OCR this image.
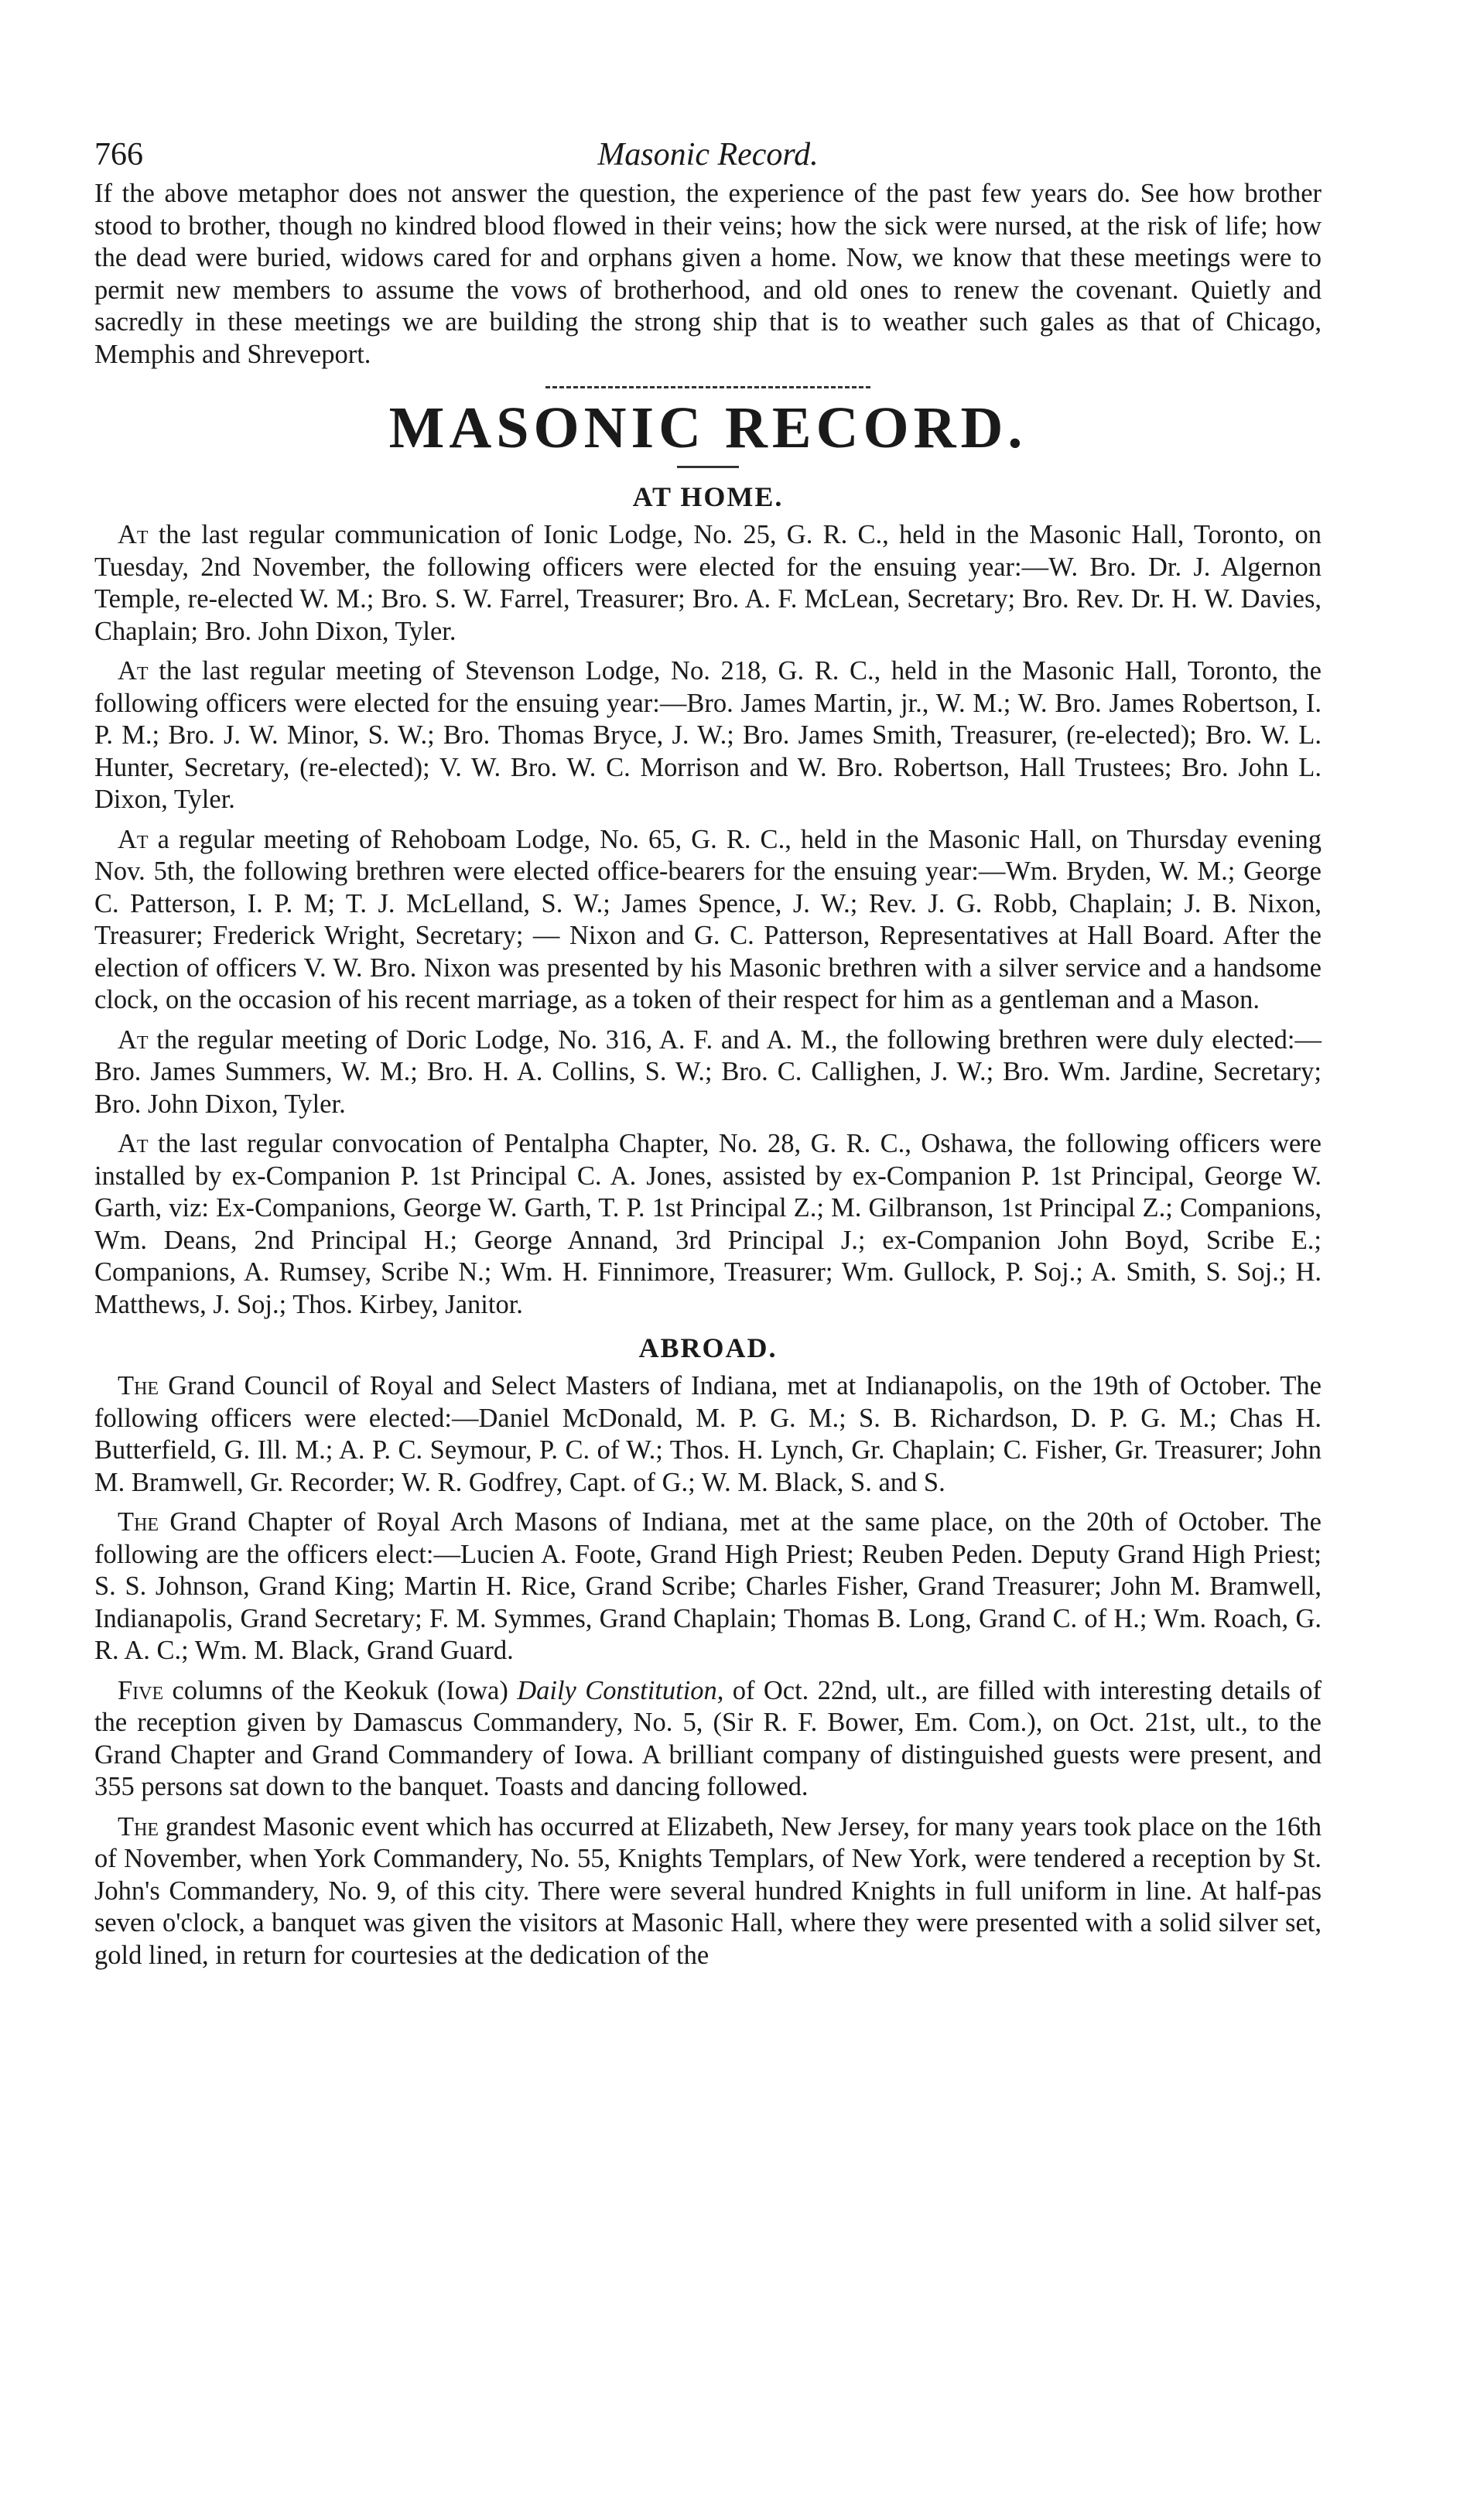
766	Masonic Record.

If the above metaphor does not answer the question, the experience of the past few years do. See how brother stood to brother, though no kindred blood flowed in their veins; how the sick were nursed, at the risk of life; how the dead were buried, widows cared for and orphans given a home. Now, we know that these meetings were to permit new members to assume the vows of brotherhood, and old ones to renew the covenant. Quietly and sacredly in these meetings we are building the strong ship that is to weather such gales as that of Chicago, Memphis and Shreveport.

MASONIC RECORD.
AT HOME.

At the last regular communication of Ionic Lodge, No. 25, G. R. C., held in the Masonic Hall, Toronto, on Tuesday, 2nd November, the following officers were elected for the ensuing year:—W. Bro. Dr. J. Algernon Temple, re-elected W. M.; Bro. S. W. Farrel, Treasurer; Bro. A. F. McLean, Secretary; Bro. Rev. Dr. H. W. Davies, Chaplain; Bro. John Dixon, Tyler.

At the last regular meeting of Stevenson Lodge, No. 218, G. R. C., held in the Masonic Hall, Toronto, the following officers were elected for the ensuing year:—Bro. James Martin, jr., W. M.; W. Bro. James Robertson, I. P. M.; Bro. J. W. Minor, S. W.; Bro. Thomas Bryce, J. W.; Bro. James Smith, Treasurer, (re-elected); Bro. W. L. Hunter, Secretary, (re-elected); V. W. Bro. W. C. Morrison and W. Bro. Robertson, Hall Trustees; Bro. John L. Dixon, Tyler.

At a regular meeting of Rehoboam Lodge, No. 65, G. R. C., held in the Masonic Hall, on Thursday evening Nov. 5th, the following brethren were elected office-bearers for the ensuing year:—Wm. Bryden, W. M.; George C. Patterson, I. P. M; T. J. McLelland, S. W.; James Spence, J. W.; Rev. J. G. Robb, Chaplain; J. B. Nixon, Treasurer; Frederick Wright, Secretary; — Nixon and G. C. Patterson, Representatives at Hall Board. After the election of officers V. W. Bro. Nixon was presented by his Masonic brethren with a silver service and a handsome clock, on the occasion of his recent marriage, as a token of their respect for him as a gentleman and a Mason.

At the regular meeting of Doric Lodge, No. 316, A. F. and A. M., the following brethren were duly elected:—Bro. James Summers, W. M.; Bro. H. A. Collins, S. W.; Bro. C. Callighen, J. W.; Bro. Wm. Jardine, Secretary; Bro. John Dixon, Tyler.

At the last regular convocation of Pentalpha Chapter, No. 28, G. R. C., Oshawa, the following officers were installed by ex-Companion P. 1st Principal C. A. Jones, assisted by ex-Companion P. 1st Principal, George W. Garth, viz: Ex-Companions, George W. Garth, T. P. 1st Principal Z.; M. Gilbranson, 1st Principal Z.; Companions, Wm. Deans, 2nd Principal H.; George Annand, 3rd Principal J.; ex-Companion John Boyd, Scribe E.; Companions, A. Rumsey, Scribe N.; Wm. H. Finnimore, Treasurer; Wm. Gullock, P. Soj.; A. Smith, S. Soj.; H. Matthews, J. Soj.; Thos. Kirbey, Janitor.

ABROAD.

The Grand Council of Royal and Select Masters of Indiana, met at Indianapolis, on the 19th of October. The following officers were elected:—Daniel McDonald, M. P. G. M.; S. B. Richardson, D. P. G. M.; Chas H. Butterfield, G. Ill. M.; A. P. C. Seymour, P. C. of W.; Thos. H. Lynch, Gr. Chaplain; C. Fisher, Gr. Treasurer; John M. Bramwell, Gr. Recorder; W. R. Godfrey, Capt. of G.; W. M. Black, S. and S.

The Grand Chapter of Royal Arch Masons of Indiana, met at the same place, on the 20th of October. The following are the officers elect:—Lucien A. Foote, Grand High Priest; Reuben Peden. Deputy Grand High Priest; S. S. Johnson, Grand King; Martin H. Rice, Grand Scribe; Charles Fisher, Grand Treasurer; John M. Bramwell, Indianapolis, Grand Secretary; F. M. Symmes, Grand Chaplain; Thomas B. Long, Grand C. of H.; Wm. Roach, G. R. A. C.; Wm. M. Black, Grand Guard.

Five columns of the Keokuk (Iowa) Daily Constitution, of Oct. 22nd, ult., are filled with interesting details of the reception given by Damascus Commandery, No. 5, (Sir R. F. Bower, Em. Com.), on Oct. 21st, ult., to the Grand Chapter and Grand Commandery of Iowa. A brilliant company of distinguished guests were present, and 355 persons sat down to the banquet. Toasts and dancing followed.

The grandest Masonic event which has occurred at Elizabeth, New Jersey, for many years took place on the 16th of November, when York Commandery, No. 55, Knights Templars, of New York, were tendered a reception by St. John's Commandery, No. 9, of this city. There were several hundred Knights in full uniform in line. At half-pas seven o'clock, a banquet was given the visitors at Masonic Hall, where they were presented with a solid silver set, gold lined, in return for courtesies at the dedication of the
